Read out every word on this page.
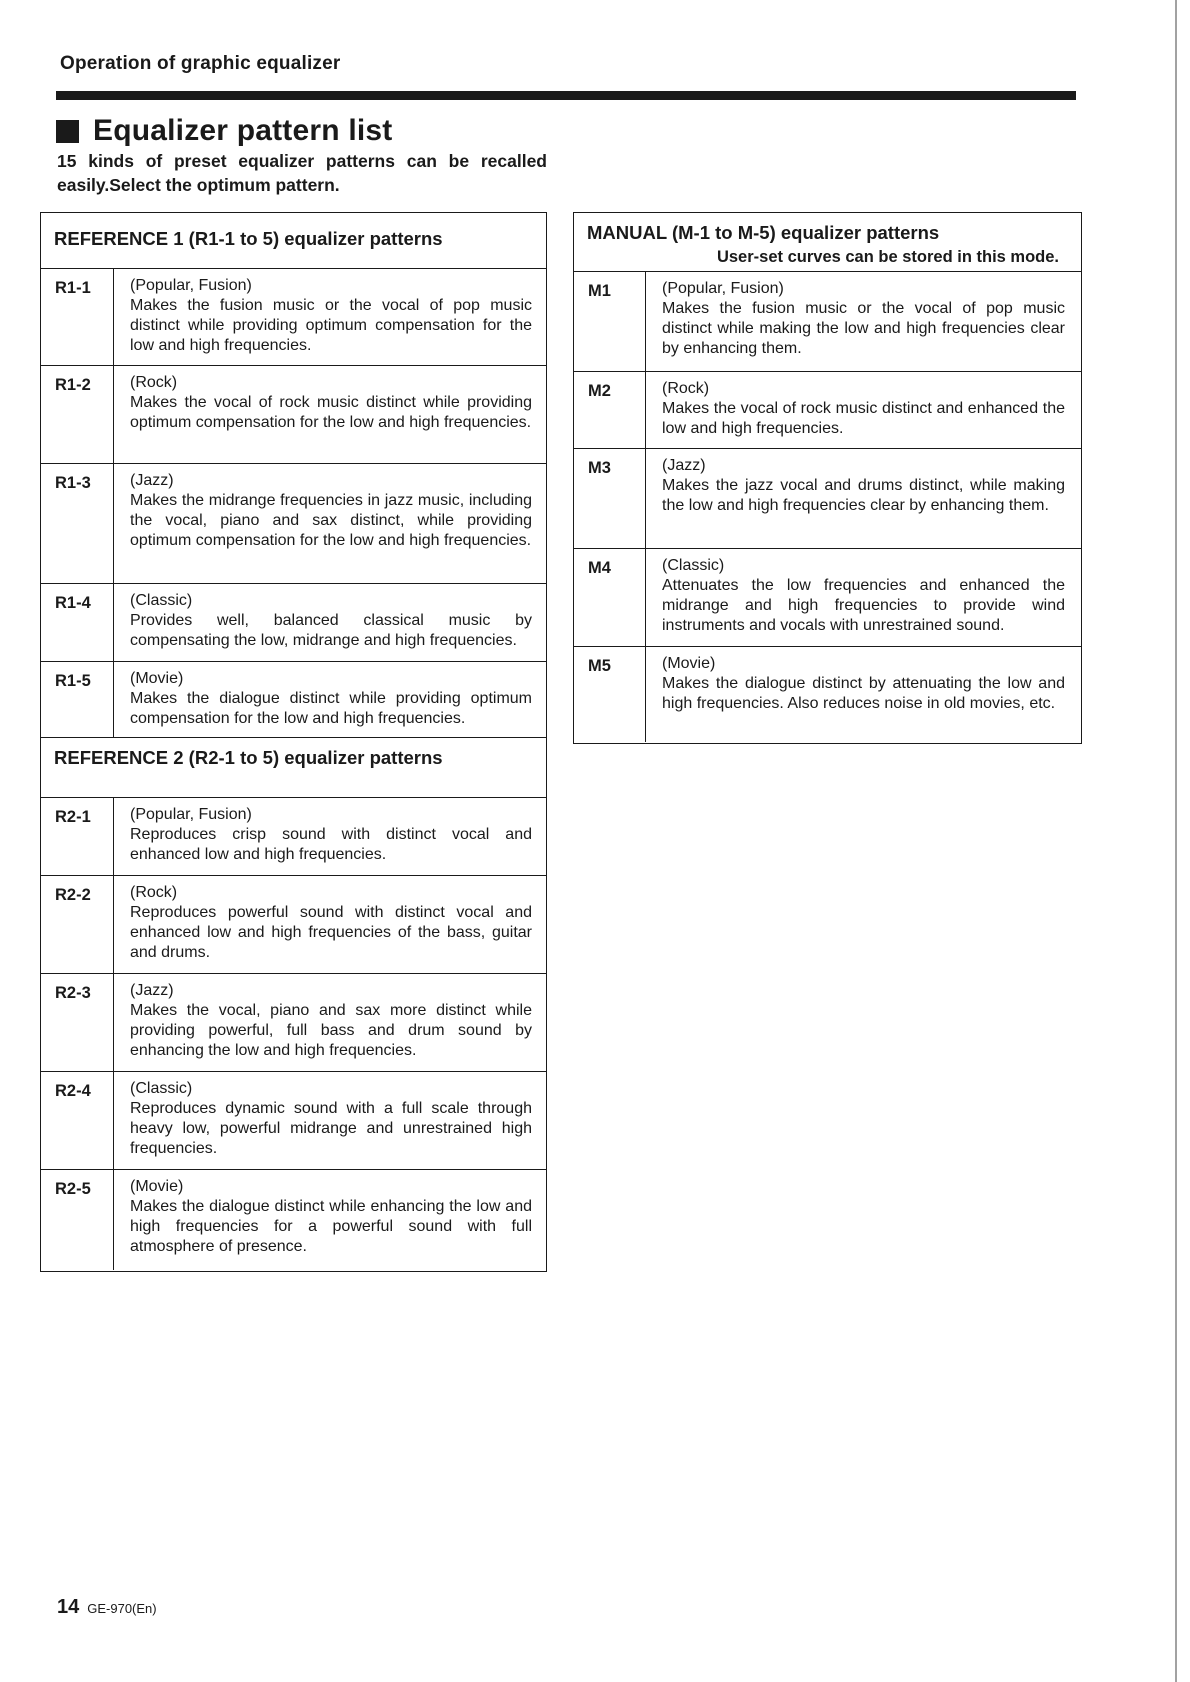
Operation of graphic equalizer
Equalizer pattern list
15 kinds of preset equalizer patterns can be recalled easily.Select the optimum pattern.
REFERENCE 1 (R1-1 to 5) equalizer patterns
R1-1 (Popular, Fusion)
Makes the fusion music or the vocal of pop music distinct while providing optimum compensation for the low and high frequencies.
R1-2 (Rock)
Makes the vocal of rock music distinct while providing optimum compensation for the low and high frequencies.
R1-3 (Jazz)
Makes the midrange frequencies in jazz music, including the vocal, piano and sax distinct, while providing optimum compensation for the low and high frequencies.
R1-4 (Classic)
Provides well, balanced classical music by compensating the low, midrange and high frequencies.
R1-5 (Movie)
Makes the dialogue distinct while providing optimum compensation for the low and high frequencies.
REFERENCE 2 (R2-1 to 5) equalizer patterns
R2-1 (Popular, Fusion)
Reproduces crisp sound with distinct vocal and enhanced low and high frequencies.
R2-2 (Rock)
Reproduces powerful sound with distinct vocal and enhanced low and high frequencies of the bass, guitar and drums.
R2-3 (Jazz)
Makes the vocal, piano and sax more distinct while providing powerful, full bass and drum sound by enhancing the low and high frequencies.
R2-4 (Classic)
Reproduces dynamic sound with a full scale through heavy low, powerful midrange and unrestrained high frequencies.
R2-5 (Movie)
Makes the dialogue distinct while enhancing the low and high frequencies for a powerful sound with full atmosphere of presence.
MANUAL (M-1 to M-5) equalizer patterns
User-set curves can be stored in this mode.
M1	(Popular, Fusion)
Makes the fusion music or the vocal of pop music distinct while making the low and high frequencies clear by enhancing them.
M2	(Rock)
Makes the vocal of rock music distinct and enhanced the low and high frequencies.
M3	(Jazz)
Makes the jazz vocal and drums distinct, while making the low and high frequencies clear by enhancing them.
M4	(Classic)
Attenuates the low frequencies and enhanced the midrange and high frequencies to provide wind instruments and vocals with unrestrained sound.
M5	(Movie)
Makes the dialogue distinct by attenuating the low and high frequencies. Also reduces noise in old movies, etc.
14 GE-970(En)
